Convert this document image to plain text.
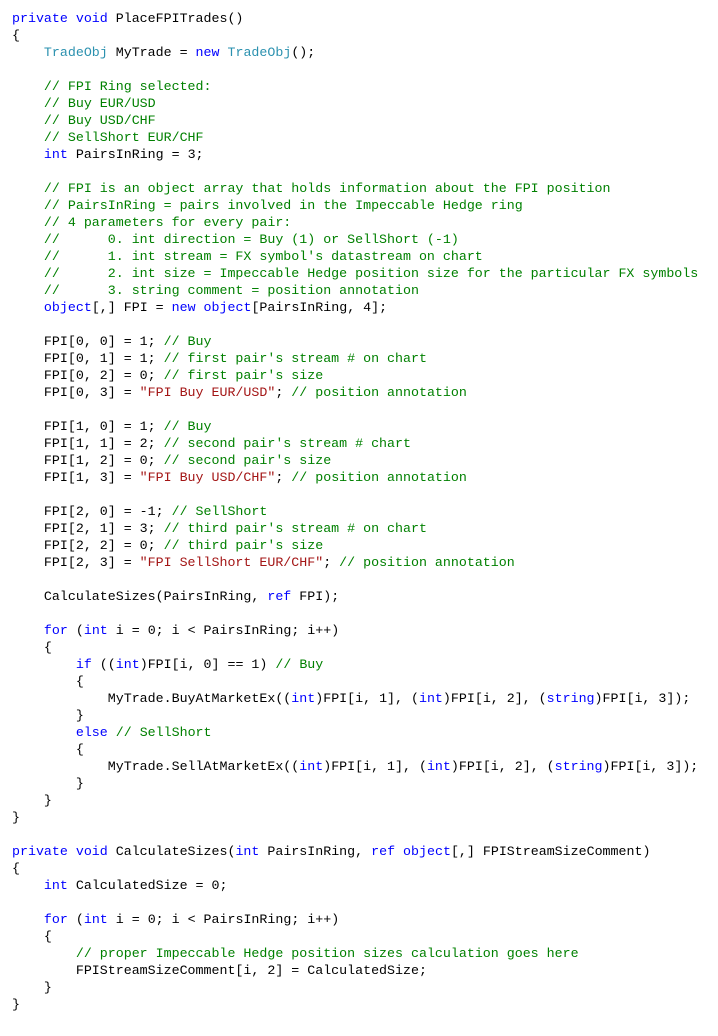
private void PlaceFPITrades()
{
TradeObj MyTrade = new TradeObj();
// FPI Ring selected:
// Buy EUR/USD
// Buy USD/CHF
// SellShort EUR/CHF
int PairsInRing = 3;
// FPI is an object array that holds information about the FPI position
// PairsInRing = pairs involved in the Impeccable Hedge ring
// 4 parameters for every pair:
//      0. int direction = Buy (1) or SellShort (-1)
//      1. int stream = FX symbol's datastream on chart
//      2. int size = Impeccable Hedge position size for the particular FX symbols
//      3. string comment = position annotation
object[,] FPI = new object[PairsInRing, 4];
FPI[0, 0] = 1; // Buy
FPI[0, 1] = 1; // first pair's stream # on chart
FPI[0, 2] = 0; // first pair's size
FPI[0, 3] = "FPI Buy EUR/USD"; // position annotation
FPI[1, 0] = 1; // Buy
FPI[1, 1] = 2; // second pair's stream # chart
FPI[1, 2] = 0; // second pair's size
FPI[1, 3] = "FPI Buy USD/CHF"; // position annotation
FPI[2, 0] = -1; // SellShort
FPI[2, 1] = 3; // third pair's stream # on chart
FPI[2, 2] = 0; // third pair's size
FPI[2, 3] = "FPI SellShort EUR/CHF"; // position annotation
CalculateSizes(PairsInRing, ref FPI);
for (int i = 0; i < PairsInRing; i++)
{
if ((int)FPI[i, 0] == 1) // Buy
{
MyTrade.BuyAtMarketEx((int)FPI[i, 1], (int)FPI[i, 2], (string)FPI[i, 3]);
}
else // SellShort
{
MyTrade.SellAtMarketEx((int)FPI[i, 1], (int)FPI[i, 2], (string)FPI[i, 3]);
}
}
}
private void CalculateSizes(int PairsInRing, ref object[,] FPIStreamSizeComment)
{
int CalculatedSize = 0;
for (int i = 0; i < PairsInRing; i++)
{
// proper Impeccable Hedge position sizes calculation goes here
FPIStreamSizeComment[i, 2] = CalculatedSize;
}
}
